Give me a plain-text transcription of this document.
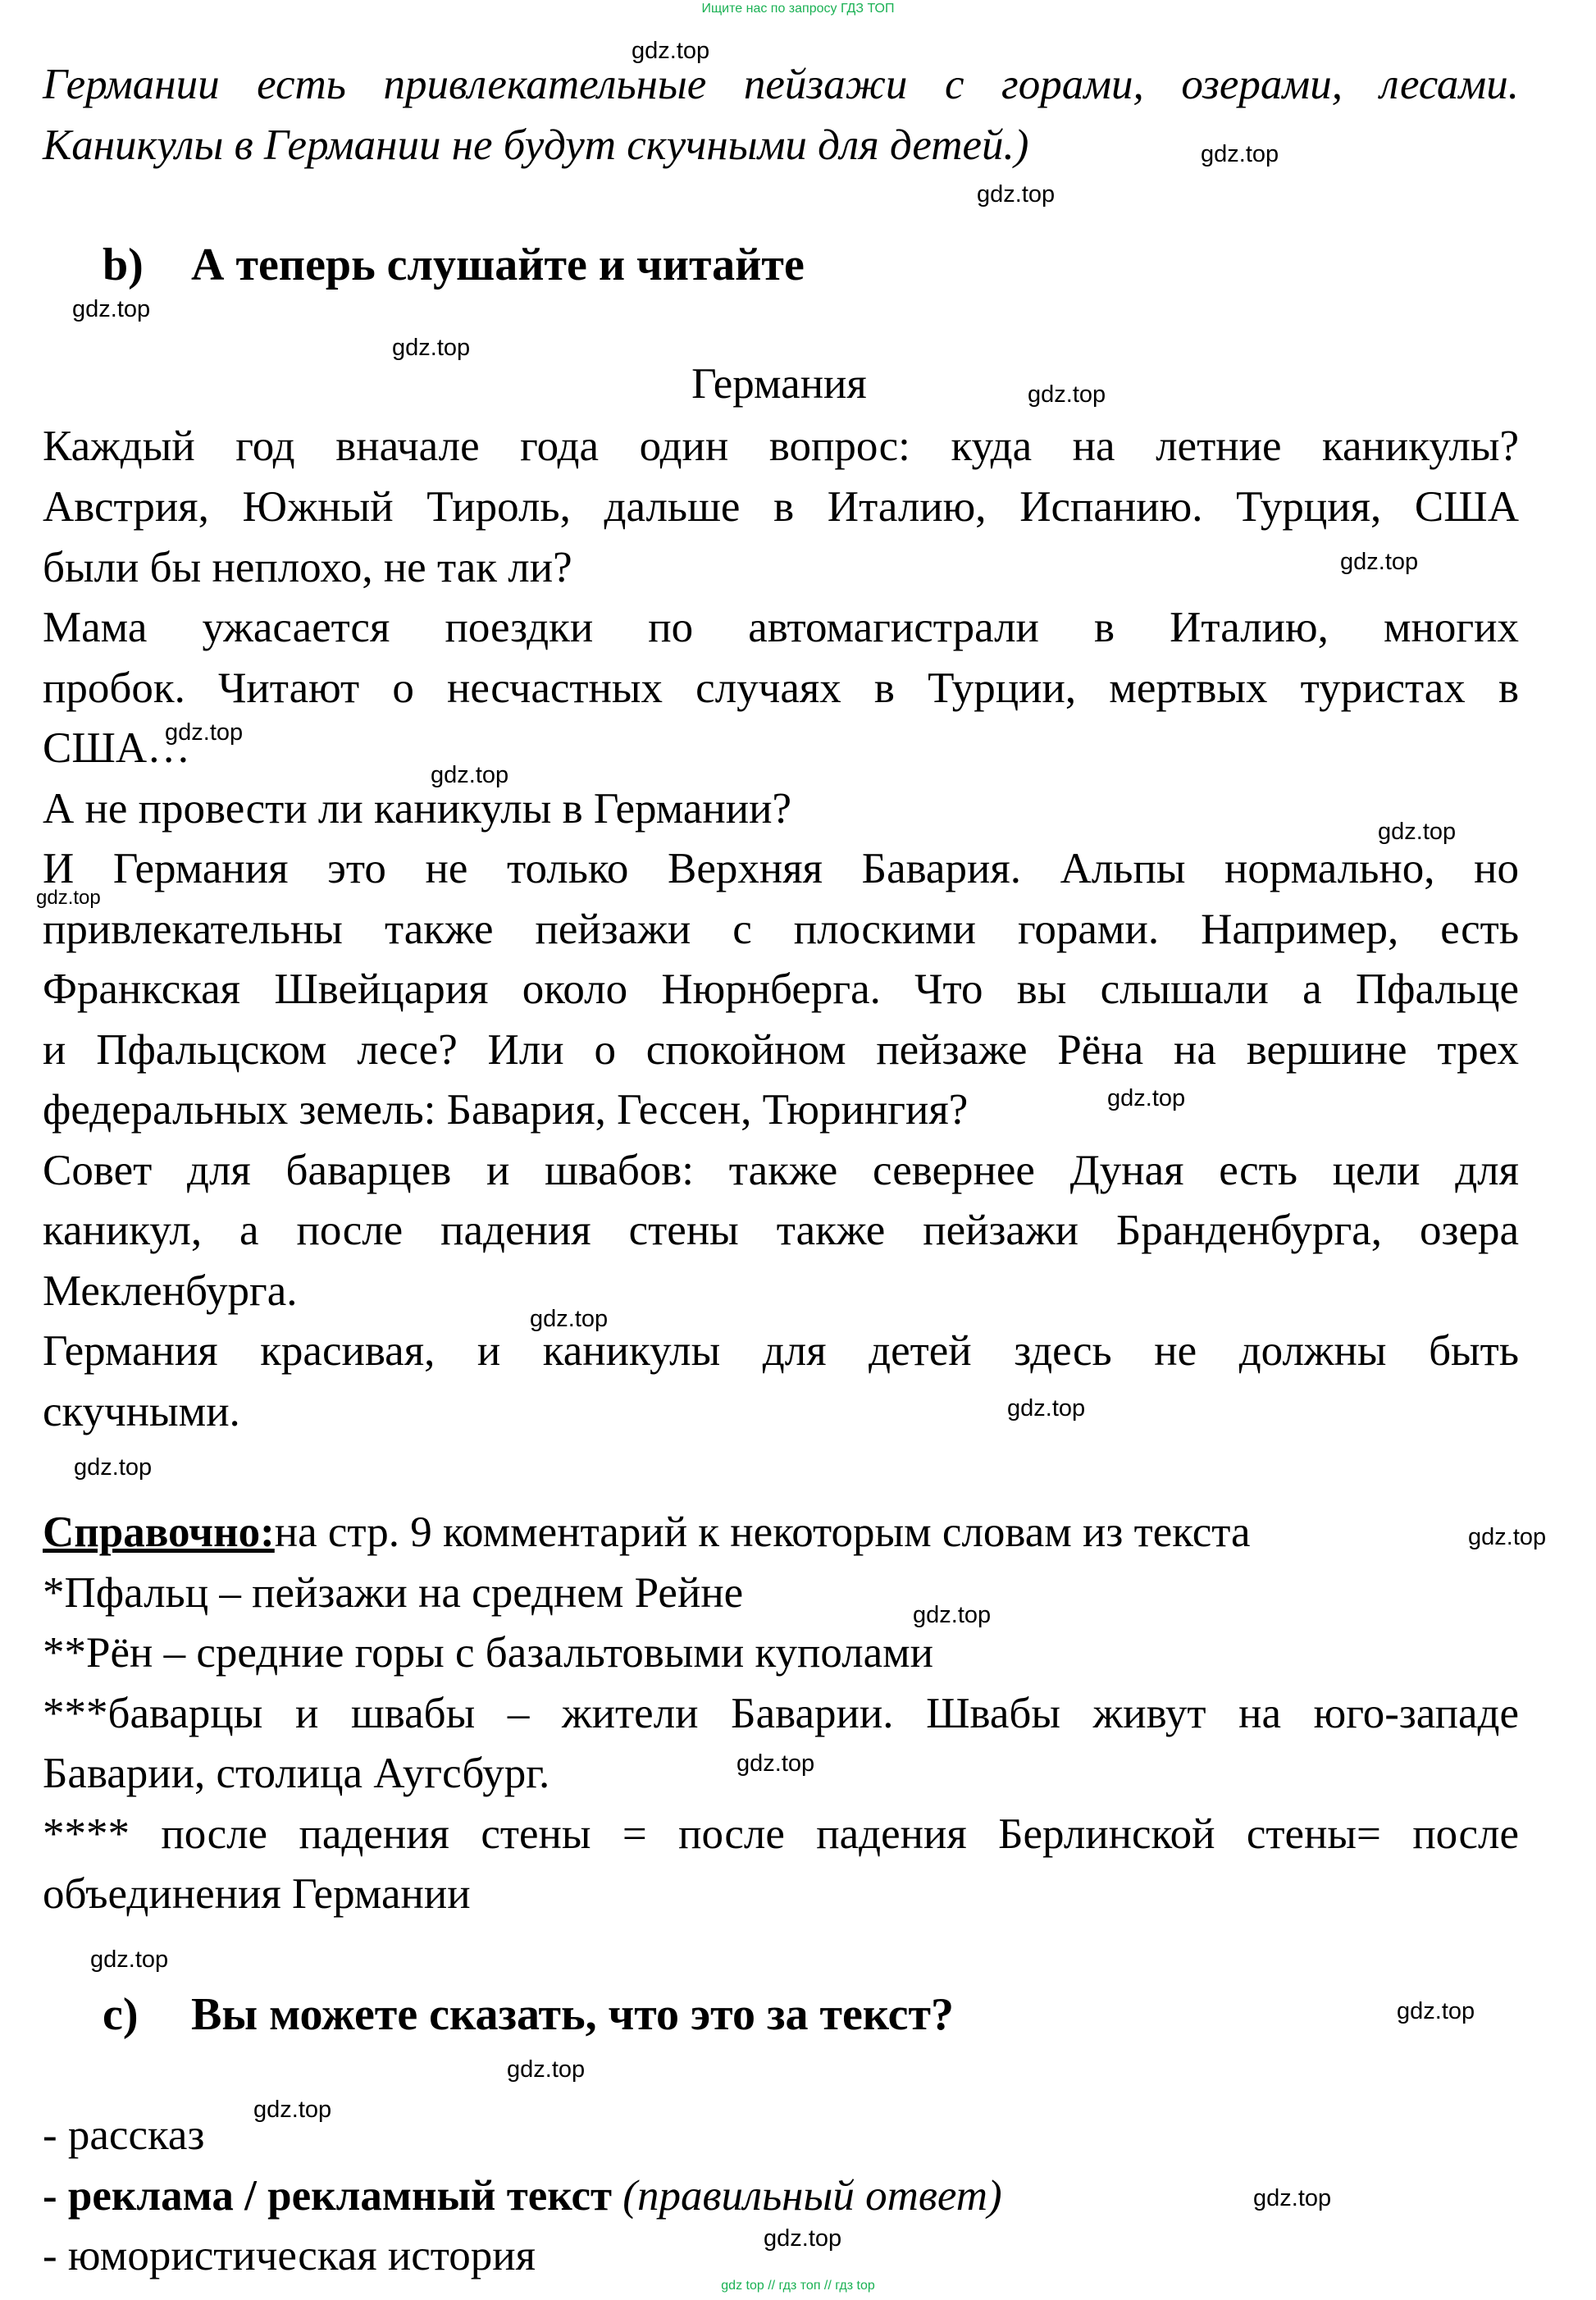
Ищите нас по запросу ГДЗ ТОП
gdz top // гдз топ // гдз top
Германии есть привлекательные пейзажи с горами, озерами, лесами.
Каникулы в Германии не будут скучными для детей.)
b) А теперь слушайте и читайте
Германия
Каждый год вначале года один вопрос: куда на летние каникулы?
Австрия, Южный Тироль, дальше в Италию, Испанию. Турция, США
были бы неплохо, не так ли?
Мама ужасается поездки по автомагистрали в Италию, многих
пробок. Читают о несчастных случаях в Турции, мертвых туристах в
США…
А не провести ли каникулы в Германии?
И Германия это не только Верхняя Бавария. Альпы нормально, но
привлекательны также пейзажи с плоскими горами. Например, есть
Франкская Швейцария около Нюрнберга. Что вы слышали а Пфальце
и Пфальцском лесе? Или о спокойном пейзаже Рёна на вершине трех
федеральных земель: Бавария, Гессен, Тюрингия?
Совет для баварцев и швабов: также севернее Дуная есть цели для
каникул, а после падения стены также пейзажи Бранденбурга, озера
Мекленбурга.
Германия красивая, и каникулы для детей здесь не должны быть
скучными.
Справочно:на стр. 9 комментарий к некоторым словам из текста
*Пфальц – пейзажи на среднем Рейне
**Рён – средние горы с базальтовыми куполами
***баварцы и швабы – жители Баварии. Швабы живут на юго-западе
Баварии, столица Аугсбург.
**** после падения стены = после падения Берлинской стены= после
объединения Германии
c) Вы можете сказать, что это за текст?
- рассказ
- реклама / рекламный текст (правильный ответ)
- юмористическая история
gdz.top
gdz.top
gdz.top
gdz.top
gdz.top
gdz.top
gdz.top
gdz.top
gdz.top
gdz.top
gdz.top
gdz.top
gdz.top
gdz.top
gdz.top
gdz.top
gdz.top
gdz.top
gdz.top
gdz.top
gdz.top
gdz.top
gdz.top
gdz.top
